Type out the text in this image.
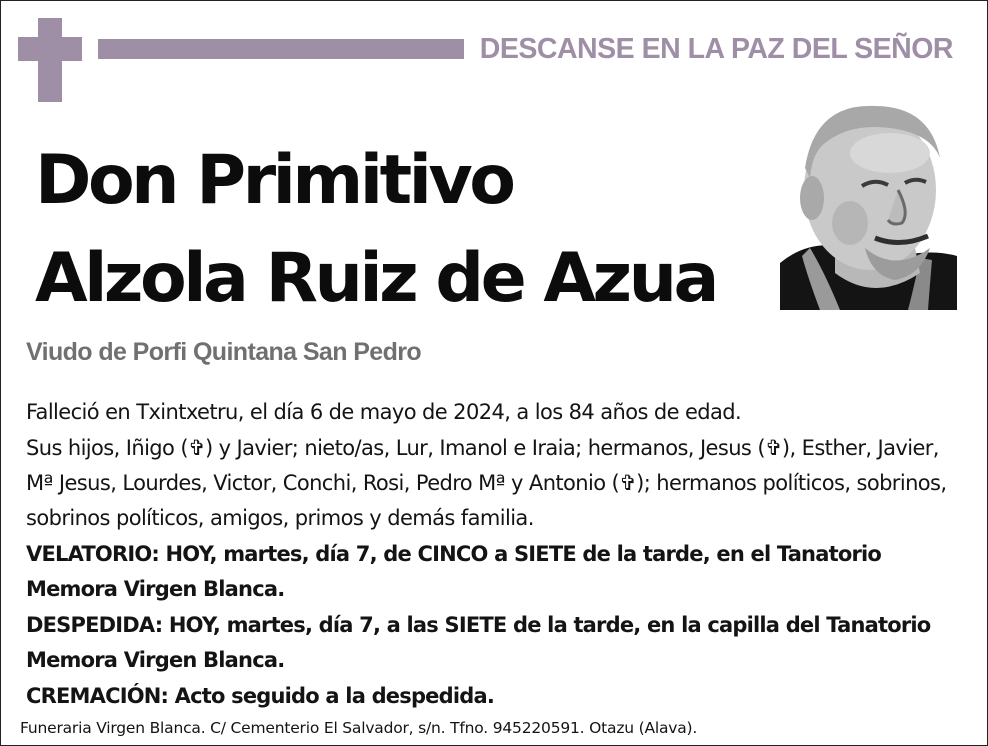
DESCANSE EN LA PAZ DEL SEÑOR
Don Primitivo
Alzola Ruiz de Azua
Viudo de Porfi Quintana San Pedro

Falleció en Txintxetru, el día 6 de mayo de 2024, a los 84 años de edad.

Sus hijos, Iñigo (✞) y Javier; nieto/as, Lur, Imanol e Iraia; hermanos, Jesus (✞), Esther, Javier, Mª Jesus, Lourdes, Victor, Conchi, Rosi, Pedro Mª y Antonio (✞); hermanos políticos, sobrinos, sobrinos políticos, amigos, primos y demás familia.

VELATORIO: HOY, martes, día 7, de CINCO a SIETE de la tarde, en el Tanatorio Memora Virgen Blanca.

DESPEDIDA: HOY, martes, día 7, a las SIETE de la tarde, en la capilla del Tanatorio Memora Virgen Blanca.

CREMACIÓN: Acto seguido a la despedida.

Funeraria Virgen Blanca. C/ Cementerio El Salvador, s/n. Tfno. 945220591. Otazu (Alava).
